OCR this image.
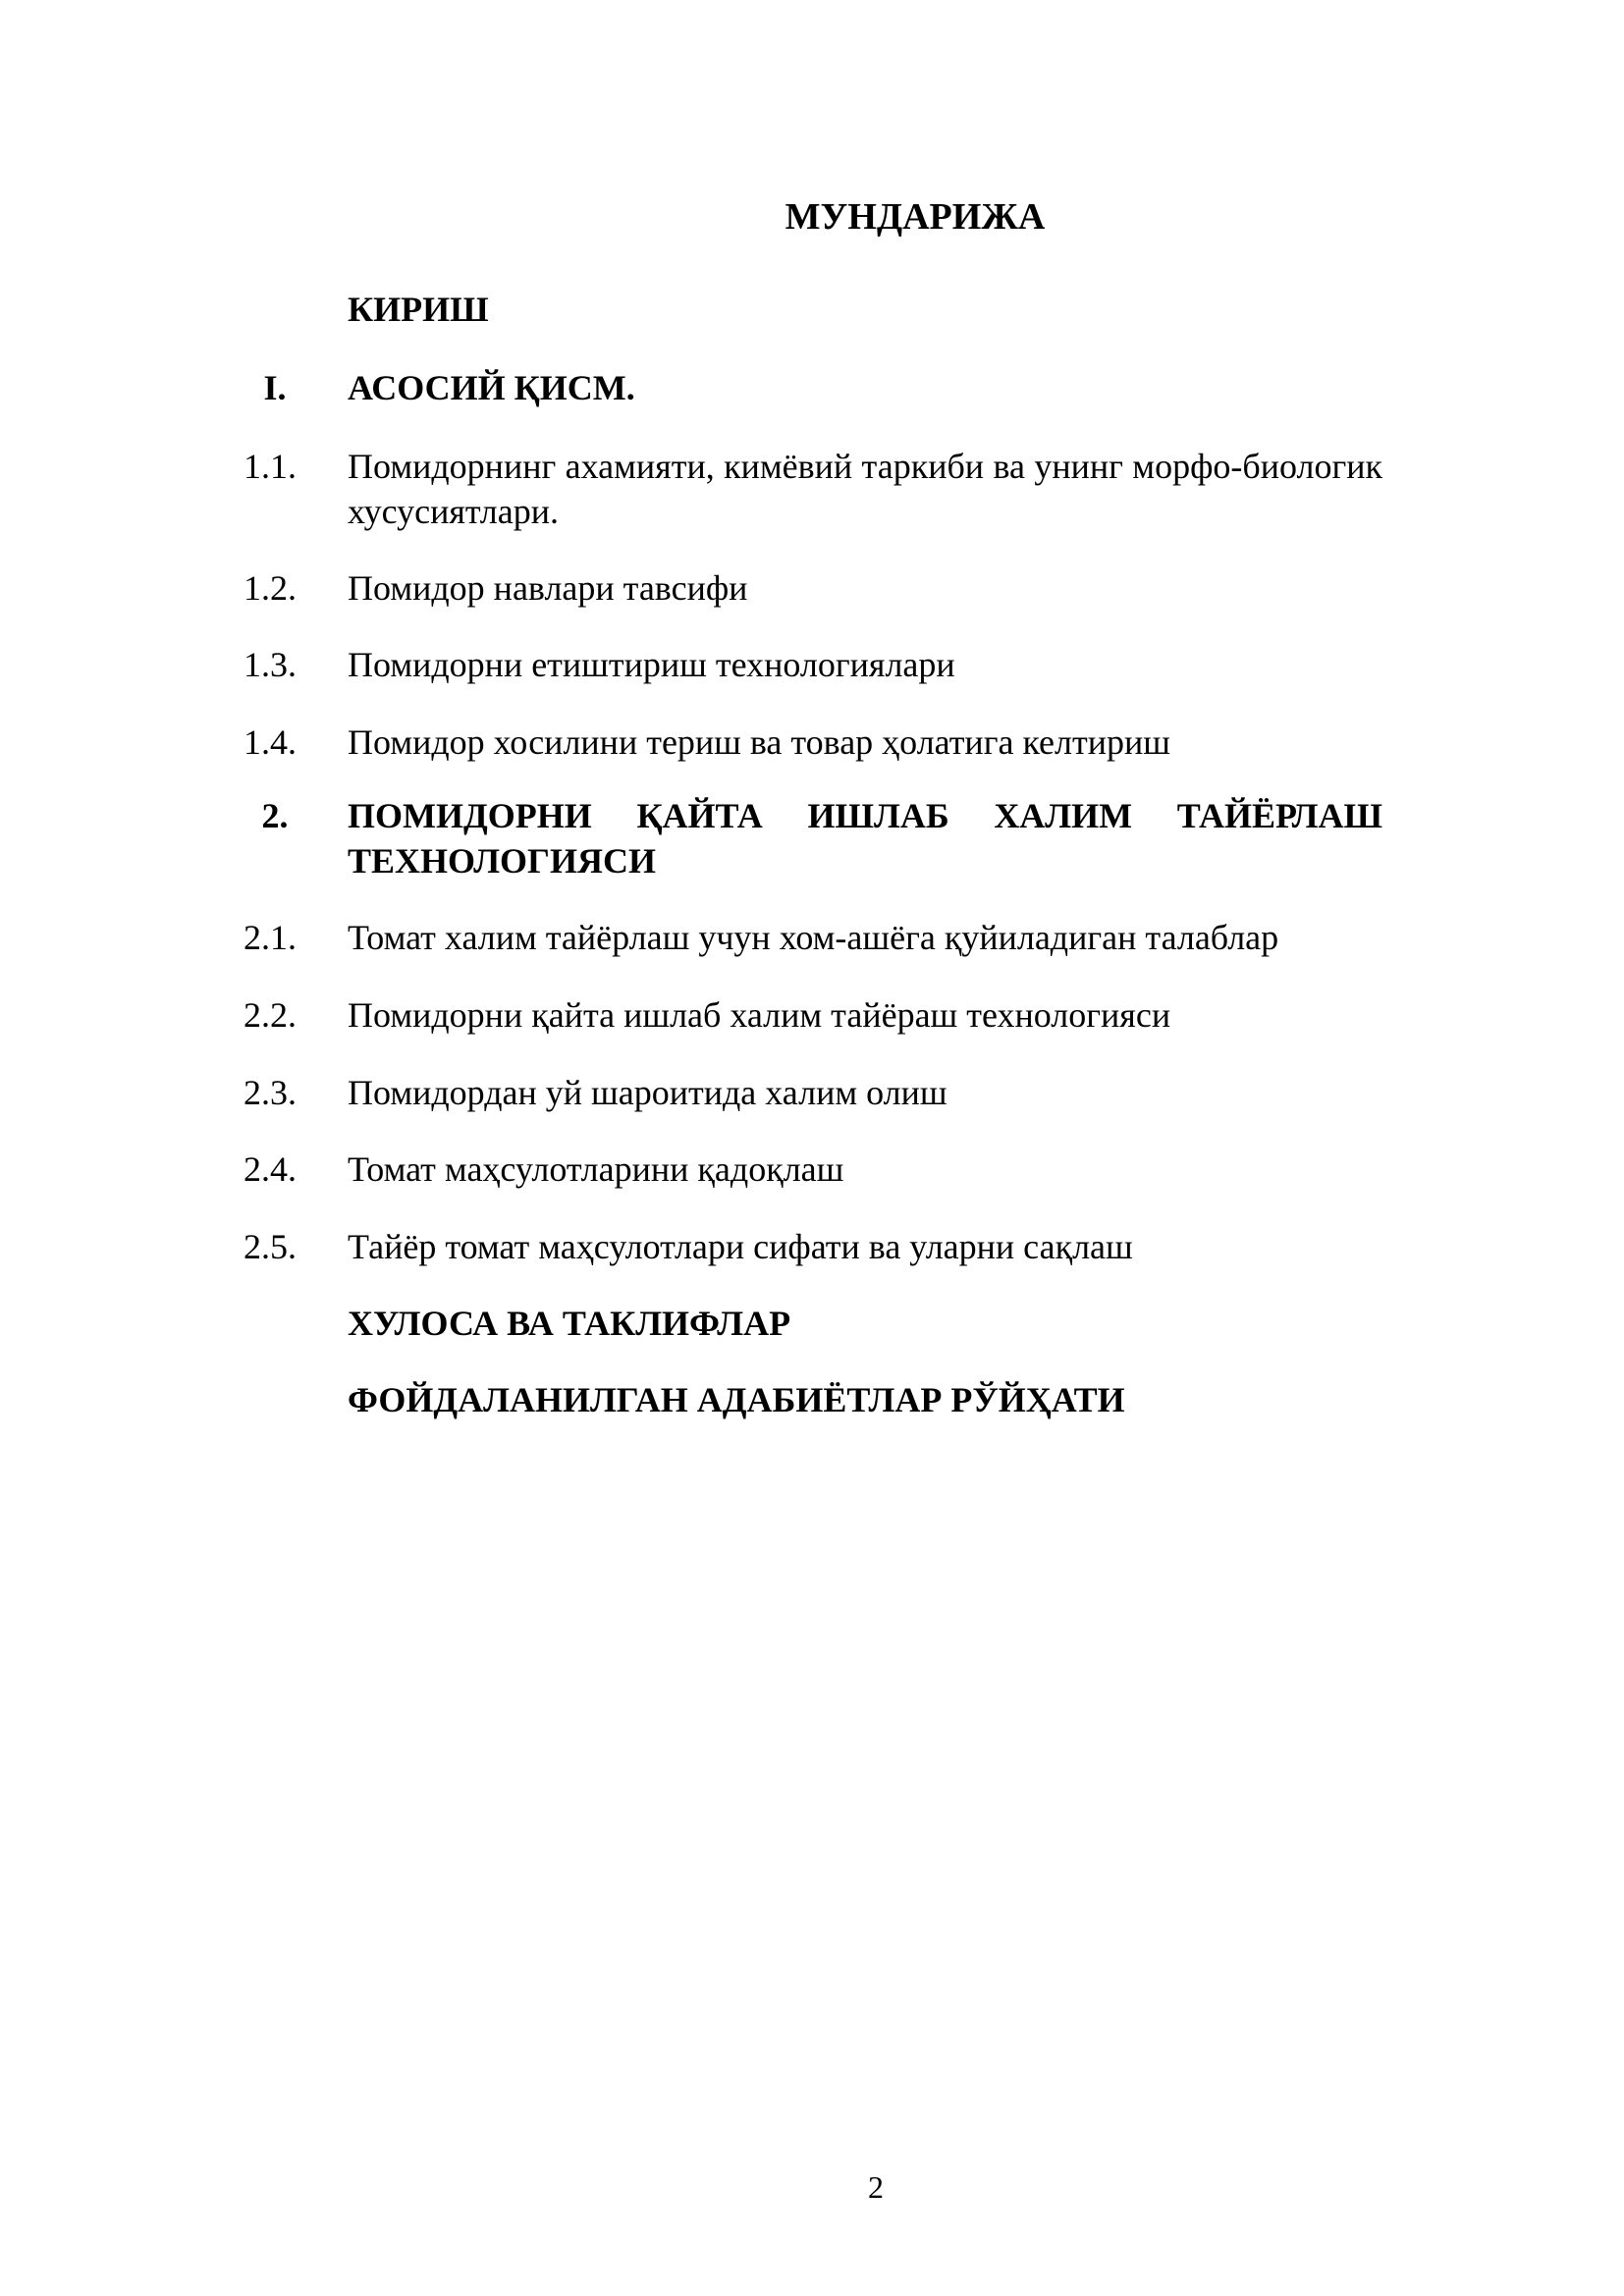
МУНДАРИЖА
КИРИШ
I.	АСОСИЙ ҚИСМ.
1.1.	Помидорнинг ахамияти, кимёвий таркиби ва унинг морфо-биологик хусусиятлари.
1.2.	Помидор навлари тавсифи
1.3.	Помидорни етиштириш технологиялари
1.4.	Помидор хосилини териш ва товар ҳолатига келтириш
2.	ПОМИДОРНИ ҚАЙТА ИШЛАБ ХАЛИМ ТАЙЁРЛАШ ТЕХНОЛОГИЯСИ
2.1.	Томат халим тайёрлаш учун хом-ашёга қуйиладиган талаблар
2.2.	Помидорни қайта ишлаб халим тайёраш технологияси
2.3.	Помидордан уй шароитида халим олиш
2.4.	Томат маҳсулотларини қадоқлаш
2.5.	Тайёр томат маҳсулотлари сифати ва уларни сақлаш
ХУЛОСА ВА ТАКЛИФЛАР
ФОЙДАЛАНИЛГАН АДАБИЁТЛАР РЎЙҲАТИ
2
